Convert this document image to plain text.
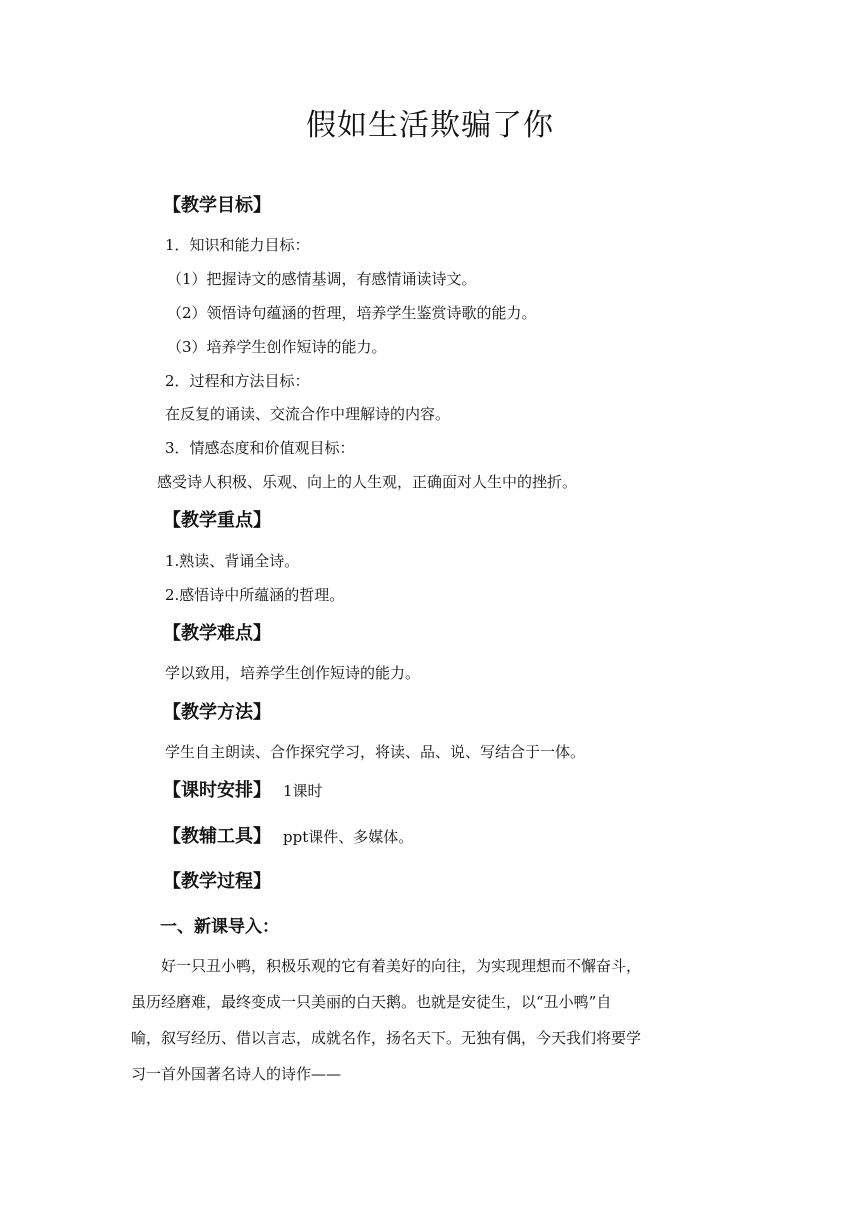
假如生活欺骗了你
【教学目标】
1．知识和能力目标：
（1）把握诗文的感情基调，有感情诵读诗文。
（2）领悟诗句蕴涵的哲理，培养学生鉴赏诗歌的能力。
（3）培养学生创作短诗的能力。
2．过程和方法目标：
在反复的诵读、交流合作中理解诗的内容。
3．情感态度和价值观目标：
感受诗人积极、乐观、向上的人生观，正确面对人生中的挫折。
【教学重点】
1.熟读、背诵全诗。
2.感悟诗中所蕴涵的哲理。
【教学难点】
学以致用，培养学生创作短诗的能力。
【教学方法】
学生自主朗读、合作探究学习，将读、品、说、写结合于一体。
【课时安排】 1课时
【教辅工具】 ppt课件、多媒体。
【教学过程】
一、新课导入：
　　好一只丑小鸭，积极乐观的它有着美好的向往，为实现理想而不懈奋斗，
虽历经磨难，最终变成一只美丽的白天鹅。也就是安徒生，以“丑小鸭”自
喻，叙写经历、借以言志，成就名作，扬名天下。无独有偶，今天我们将要学
习一首外国著名诗人的诗作——
